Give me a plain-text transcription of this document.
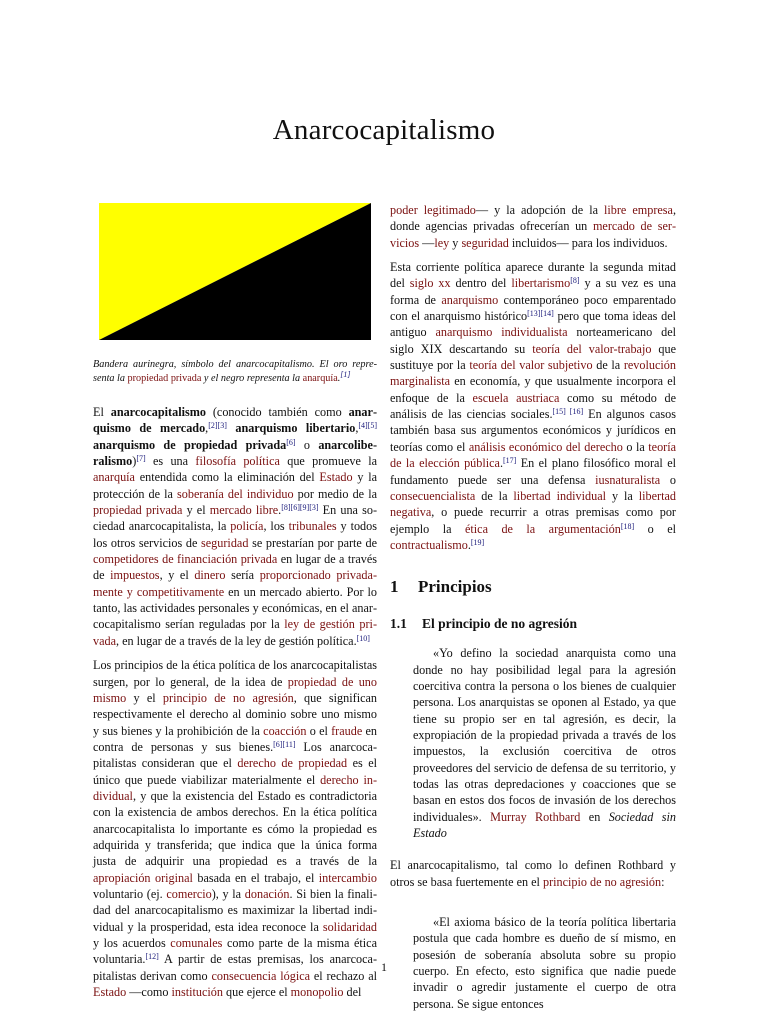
Anarcocapitalismo
Bandera aurinegra, símbolo del anarcocapitalismo. El oro representa la propiedad privada y el negro representa la anarquía.[1]

El anarcocapitalismo (conocido también como anarquismo de mercado,[2][3] anarquismo libertario,[4][5] anarquismo de propiedad privada[6] o anarcoliberalismo)[7] es una filosofía política que promueve la anarquía entendida como la eliminación del Estado y la protección de la soberanía del individuo por medio de la propiedad privada y el mercado libre.[8][6][9][3] En una sociedad anarcocapitalista, la policía, los tribunales y todos los otros servicios de seguridad se prestarían por parte de competidores de financiación privada en lugar de a través de impuestos, y el dinero sería proporcionado privadamente y competitivamente en un mercado abierto. Por lo tanto, las actividades personales y económicas, en el anarcocapitalismo serían reguladas por la ley de gestión privada, en lugar de a través de la ley de gestión política.[10]

Los principios de la ética política de los anarcocapitalistas surgen, por lo general, de la idea de propiedad de uno mismo y el principio de no agresión, que significan respectivamente el derecho al dominio sobre uno mismo y sus bienes y la prohibición de la coacción o el fraude en contra de personas y sus bienes.[6][11] Los anarcocapitalistas consideran que el derecho de propiedad es el único que puede viabilizar materialmente el derecho individual, y que la existencia del Estado es contradictoria con la existencia de ambos derechos. En la ética política anarcocapitalista lo importante es cómo la propiedad es adquirida y transferida; que indica que la única forma justa de adquirir una propiedad es a través de la apropiación original basada en el trabajo, el intercambio voluntario (ej. comercio), y la donación. Si bien la finalidad del anarcocapitalismo es maximizar la libertad individual y la prosperidad, esta idea reconoce la solidaridad y los acuerdos comunales como parte de la misma ética voluntaria.[12] A partir de estas premisas, los anarcocapitalistas derivan como consecuencia lógica el rechazo al Estado —como institución que ejerce el monopolio del

poder legitimado— y la adopción de la libre empresa, donde agencias privadas ofrecerían un mercado de servicios —ley y seguridad incluidos— para los individuos.

Esta corriente política aparece durante la segunda mitad del siglo xx dentro del libertarismo[8] y a su vez es una forma de anarquismo contemporáneo poco emparentado con el anarquismo histórico[13][14] pero que toma ideas del antiguo anarquismo individualista norteamericano del siglo XIX descartando su teoría del valor-trabajo que sustituye por la teoría del valor subjetivo de la revolución marginalista en economía, y que usualmente incorpora el enfoque de la escuela austriaca como su método de análisis de las ciencias sociales.[15] [16] En algunos casos también basa sus argumentos económicos y jurídicos en teorías como el análisis económico del derecho o la teoría de la elección pública.[17] En el plano filosófico moral el fundamento puede ser una defensa iusnaturalista o consecuencialista de la libertad individual y la libertad negativa, o puede recurrir a otras premisas como por ejemplo la ética de la argumentación[18] o el contractualismo.[19]

1 Principios
1.1 El principio de no agresión

«Yo defino la sociedad anarquista como una donde no hay posibilidad legal para la agresión coercitiva contra la persona o los bienes de cualquier persona. Los anarquistas se oponen al Estado, ya que tiene su propio ser en tal agresión, es decir, la expropiación de la propiedad privada a través de los impuestos, la exclusión coercitiva de otros proveedores del servicio de defensa de su territorio, y todas las otras depredaciones y coacciones que se basan en estos dos focos de invasión de los derechos individuales». Murray Rothbard en Sociedad sin Estado

El anarcocapitalismo, tal como lo definen Rothbard y otros se basa fuertemente en el principio de no agresión:

«El axioma básico de la teoría política libertaria postula que cada hombre es dueño de sí mismo, en posesión de soberanía absoluta sobre su propio cuerpo. En efecto, esto significa que nadie puede invadir o agredir justamente el cuerpo de otra persona. Se sigue entonces

1
